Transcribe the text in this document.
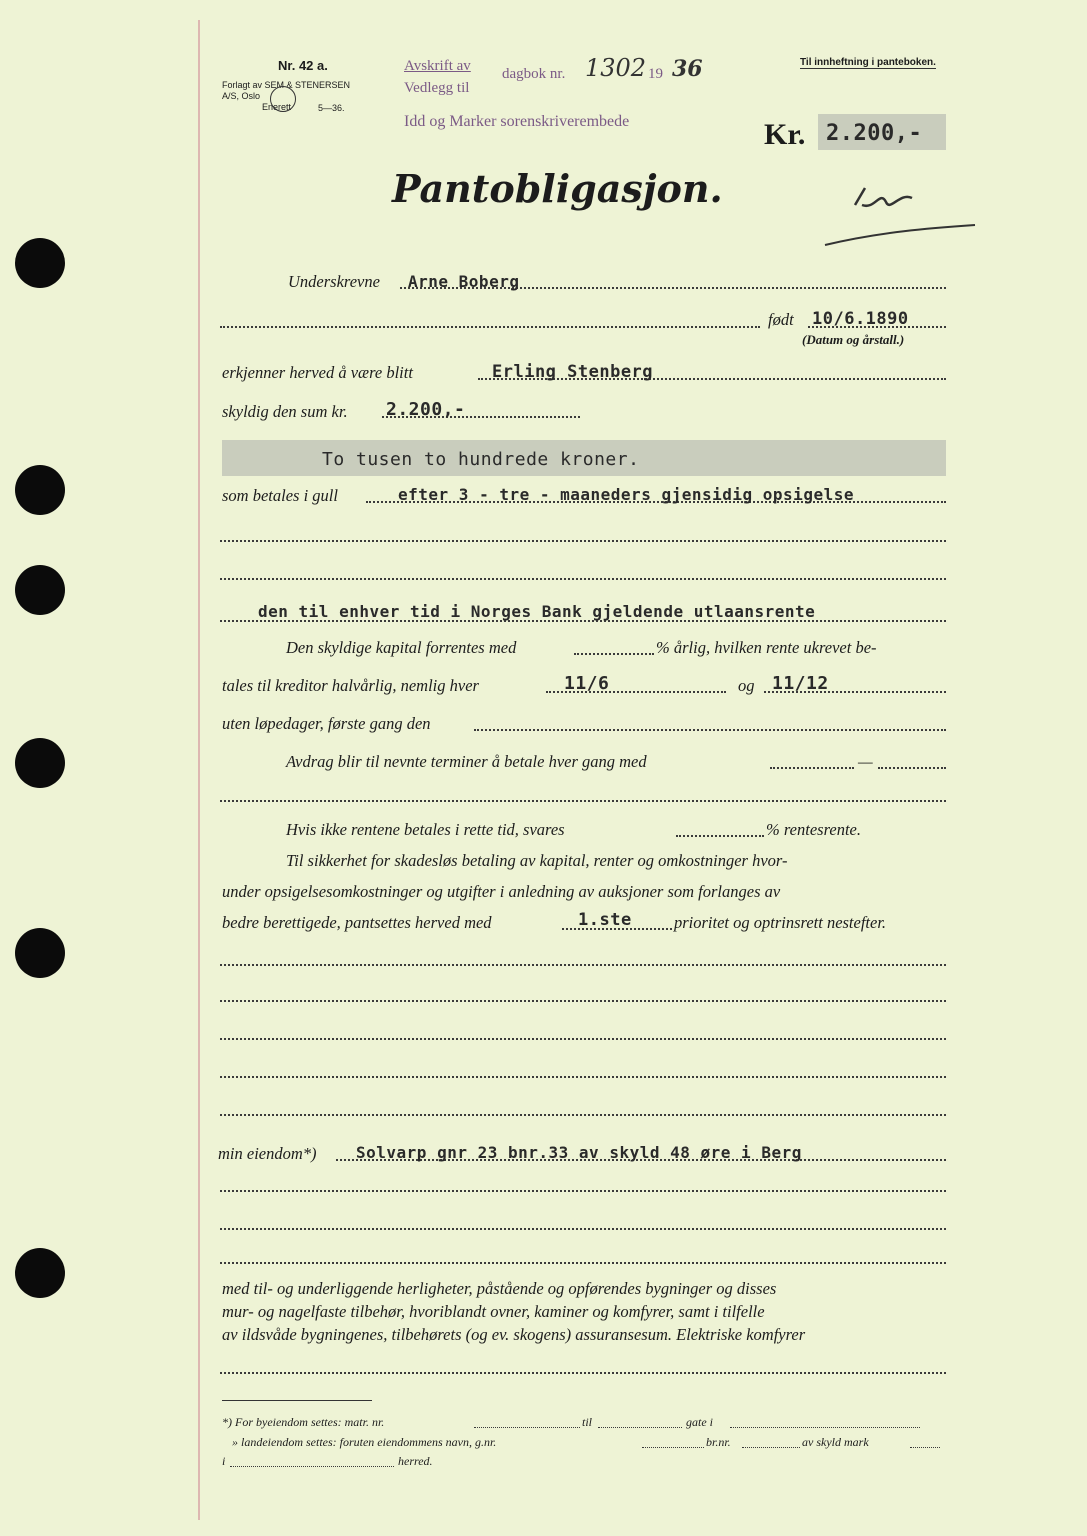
Nr. 42 a.
Forlagt av SEM & STENERSEN A/S, Oslo
Enerett	5—36.
Avskrift av
Vedlegg til
dagbok nr. 1302 19 36
Idd og Marker sorenskriverembede
Til innheftning i panteboken.
Kr. 2.200,-
Pantobligasjon.
Underskrevne Arne Boberg
født 10/6.1890
(Datum og årstall.)
erkjenner herved å være blitt	Erling Stenberg
skyldig den sum kr. 2.200,-
To tusen to hundrede kroner.
som betales i gull	efter 3 - tre - maaneders gjensidig opsigelse
den til enhver tid i Norges Bank gjeldende utlaansrente
Den skyldige kapital forrentes med	% årlig, hvilken rente ukrevet be-
tales til kreditor halvårlig, nemlig hver	11/6	og 11/12
uten løpedager, første gang den
Avdrag blir til nevnte terminer å betale hver gang med	—
Hvis ikke rentene betales i rette tid, svares	% rentesrente.
Til sikkerhet for skadesløs betaling av kapital, renter og omkostninger hvor-
under opsigelsesomkostninger og utgifter i anledning av auksjoner som forlanges av
bedre berettigede, pantsettes herved med	1.ste	prioritet og optrinsrett nestefter.
min eiendom*) Solvarp gnr 23 bnr.33 av skyld 48 øre i Berg
med til- og underliggende herligheter, påstående og opførendes bygninger og disses
mur- og nagelfaste tilbehør, hvoriblandt ovner, kaminer og komfyrer, samt i tilfelle
av ildsvåde bygningenes, tilbehørets (og ev. skogens) assuransesum. Elektriske komfyrer
*) For byeiendom settes: matr. nr.	til	gate i
» landeiendom settes: foruten eiendommens navn, g.nr.	br.nr.	av skyld mark
i	herred.
